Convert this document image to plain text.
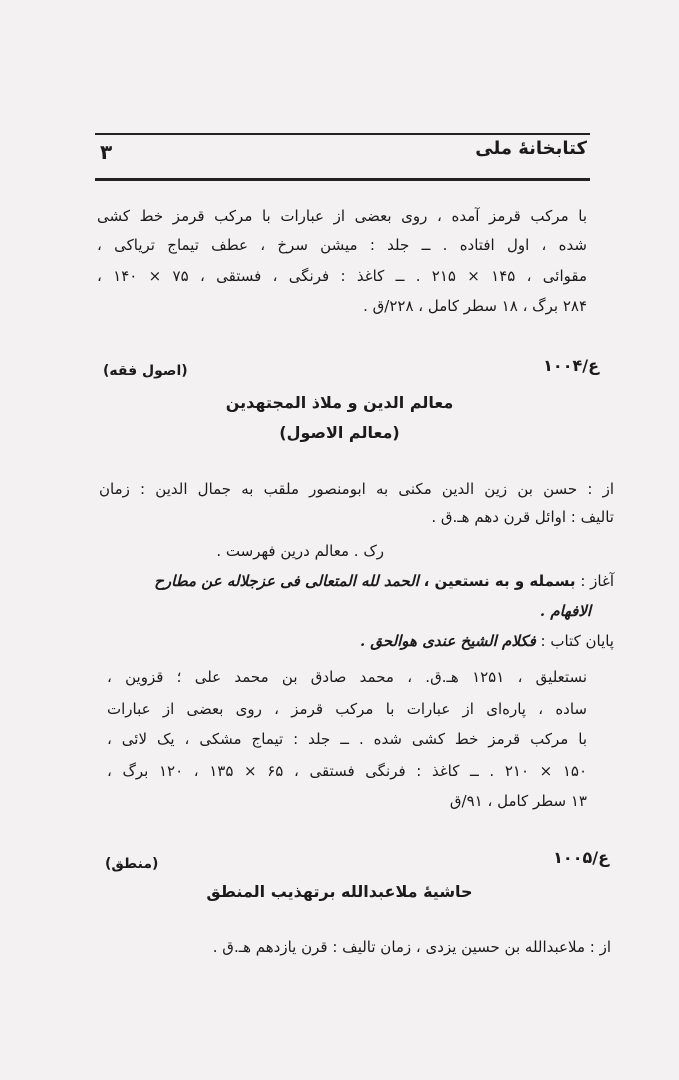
کتابخانهٔ ملی
۳
با مرکب قرمز آمده ، روی بعضی از عبارات با مرکب قرمز خط کشی
شده ، اول افتاده . ــ جلد : میشن سرخ ، عطف تیماج تریاکی ،
مقوائی ، ۱۴۵ × ۲۱۵ . ــ کاغذ : فرنگی ، فستقی ، ۷۵ × ۱۴۰ ،
۲۸۴ برگ ، ۱۸ سطر کامل ، ۲۲۸/ق .
ع/۱۰۰۴
(اصول فقه)
معالم الدین و ملاذ المجتهدین
(معالم الاصول)
از : حسن بن زین الدین مکنی به ابومنصور ملقب به جمال الدین : زمان
تالیف : اوائل قرن دهم هـ.ق .
رک . معالم درین فهرست .
آغاز : بسمله و به نستعین ، الحمد لله المتعالی فی عزجلاله عن مطارح
الافهام .
پایان کتاب : فکلام الشیخ عندی هوالحق .
نستعلیق ، ۱۲۵۱ هـ.ق. ، محمد صادق بن محمد علی ؛ قزوین ،
ساده ، پاره‌ای از عبارات با مرکب قرمز ، روی بعضی از عبارات
با مرکب قرمز خط کشی شده . ــ جلد : تیماج مشکی ، یک لائی ،
۱۵۰ × ۲۱۰ . ــ کاغذ : فرنگی فستقی ، ۶۵ × ۱۳۵ ، ۱۲۰ برگ ،
۱۳ سطر کامل ، ۹۱/ق
ع/۱۰۰۵
(منطق)
حاشیهٔ ملاعبدالله برتهذیب المنطق
از : ملاعبدالله بن حسین یزدی ، زمان تالیف : قرن یازدهم هـ.ق .
